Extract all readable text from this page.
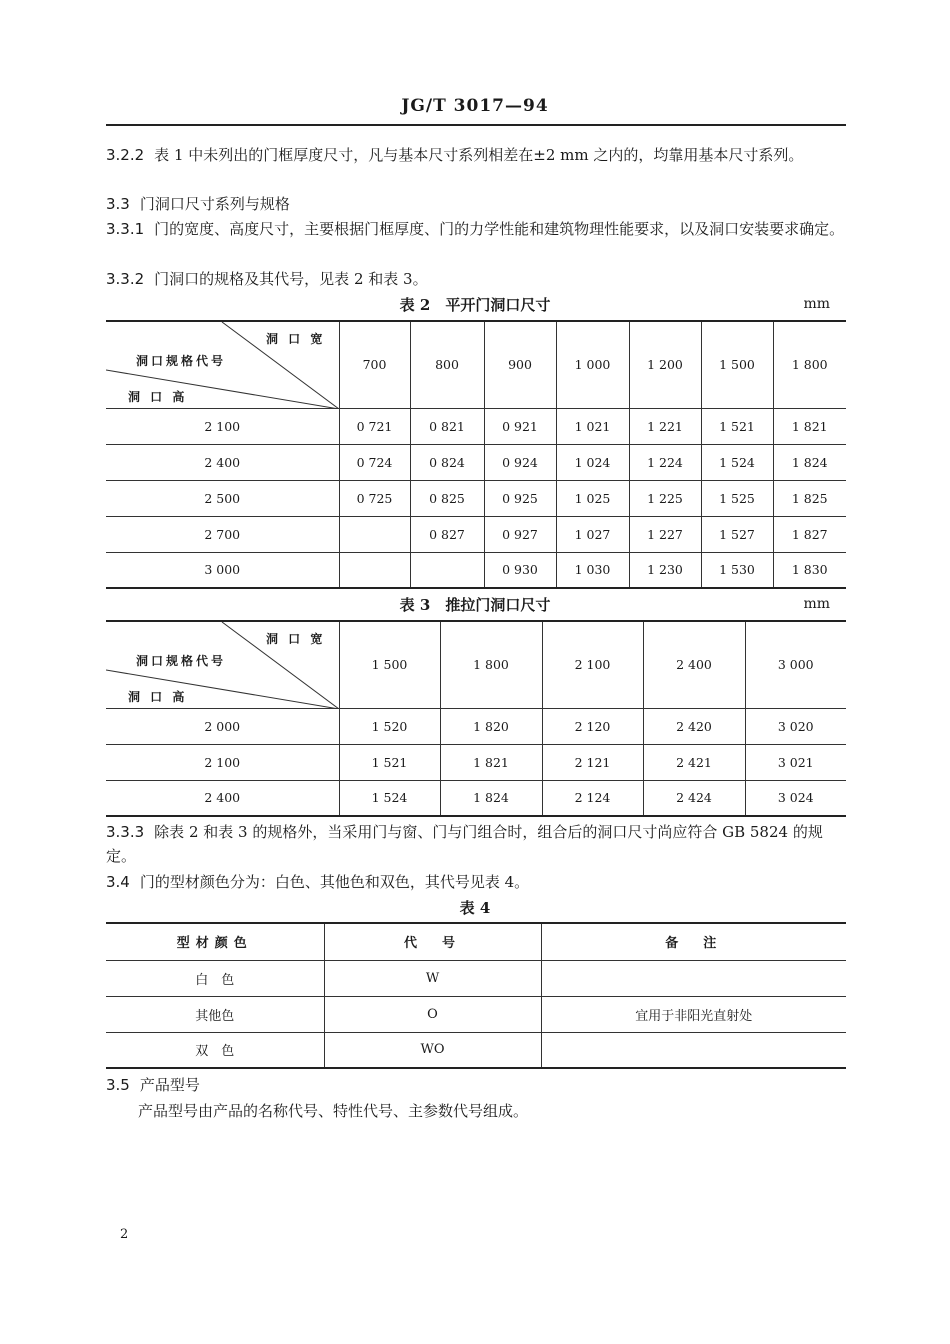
JG/T 3017—94
3.2.2 表 1 中未列出的门框厚度尺寸，凡与基本尺寸系列相差在±2 mm 之内的，均靠用基本尺寸系列。
3.3 门洞口尺寸系列与规格
3.3.1 门的宽度、高度尺寸，主要根据门框厚度、门的力学性能和建筑物理性能要求，以及洞口安装要求确定。
3.3.2 门洞口的规格及其代号，见表 2 和表 3。
表 2　平开门洞口尺寸	mm
洞 口 宽
洞口规格代号
洞 口 高	700	800	900	1 000	1 200	1 500	1 800
2 100	0 721	0 821	0 921	1 021	1 221	1 521	1 821
2 400	0 724	0 824	0 924	1 024	1 224	1 524	1 824
2 500	0 725	0 825	0 925	1 025	1 225	1 525	1 825
2 700		0 827	0 927	1 027	1 227	1 527	1 827
3 000			0 930	1 030	1 230	1 530	1 830
表 3　推拉门洞口尺寸	mm
洞 口 宽
洞口规格代号
洞 口 高	1 500	1 800	2 100	2 400	3 000
2 000	1 520	1 820	2 120	2 420	3 020
2 100	1 521	1 821	2 121	2 421	3 021
2 400	1 524	1 824	2 124	2 424	3 024
3.3.3 除表 2 和表 3 的规格外，当采用门与窗、门与门组合时，组合后的洞口尺寸尚应符合 GB 5824 的规定。
3.4 门的型材颜色分为：白色、其他色和双色，其代号见表 4。
表 4
型材颜色	代　号	备　注
白　色	W	
其他色	O	宜用于非阳光直射处
双　色	WO	
3.5 产品型号
产品型号由产品的名称代号、特性代号、主参数代号组成。
2
